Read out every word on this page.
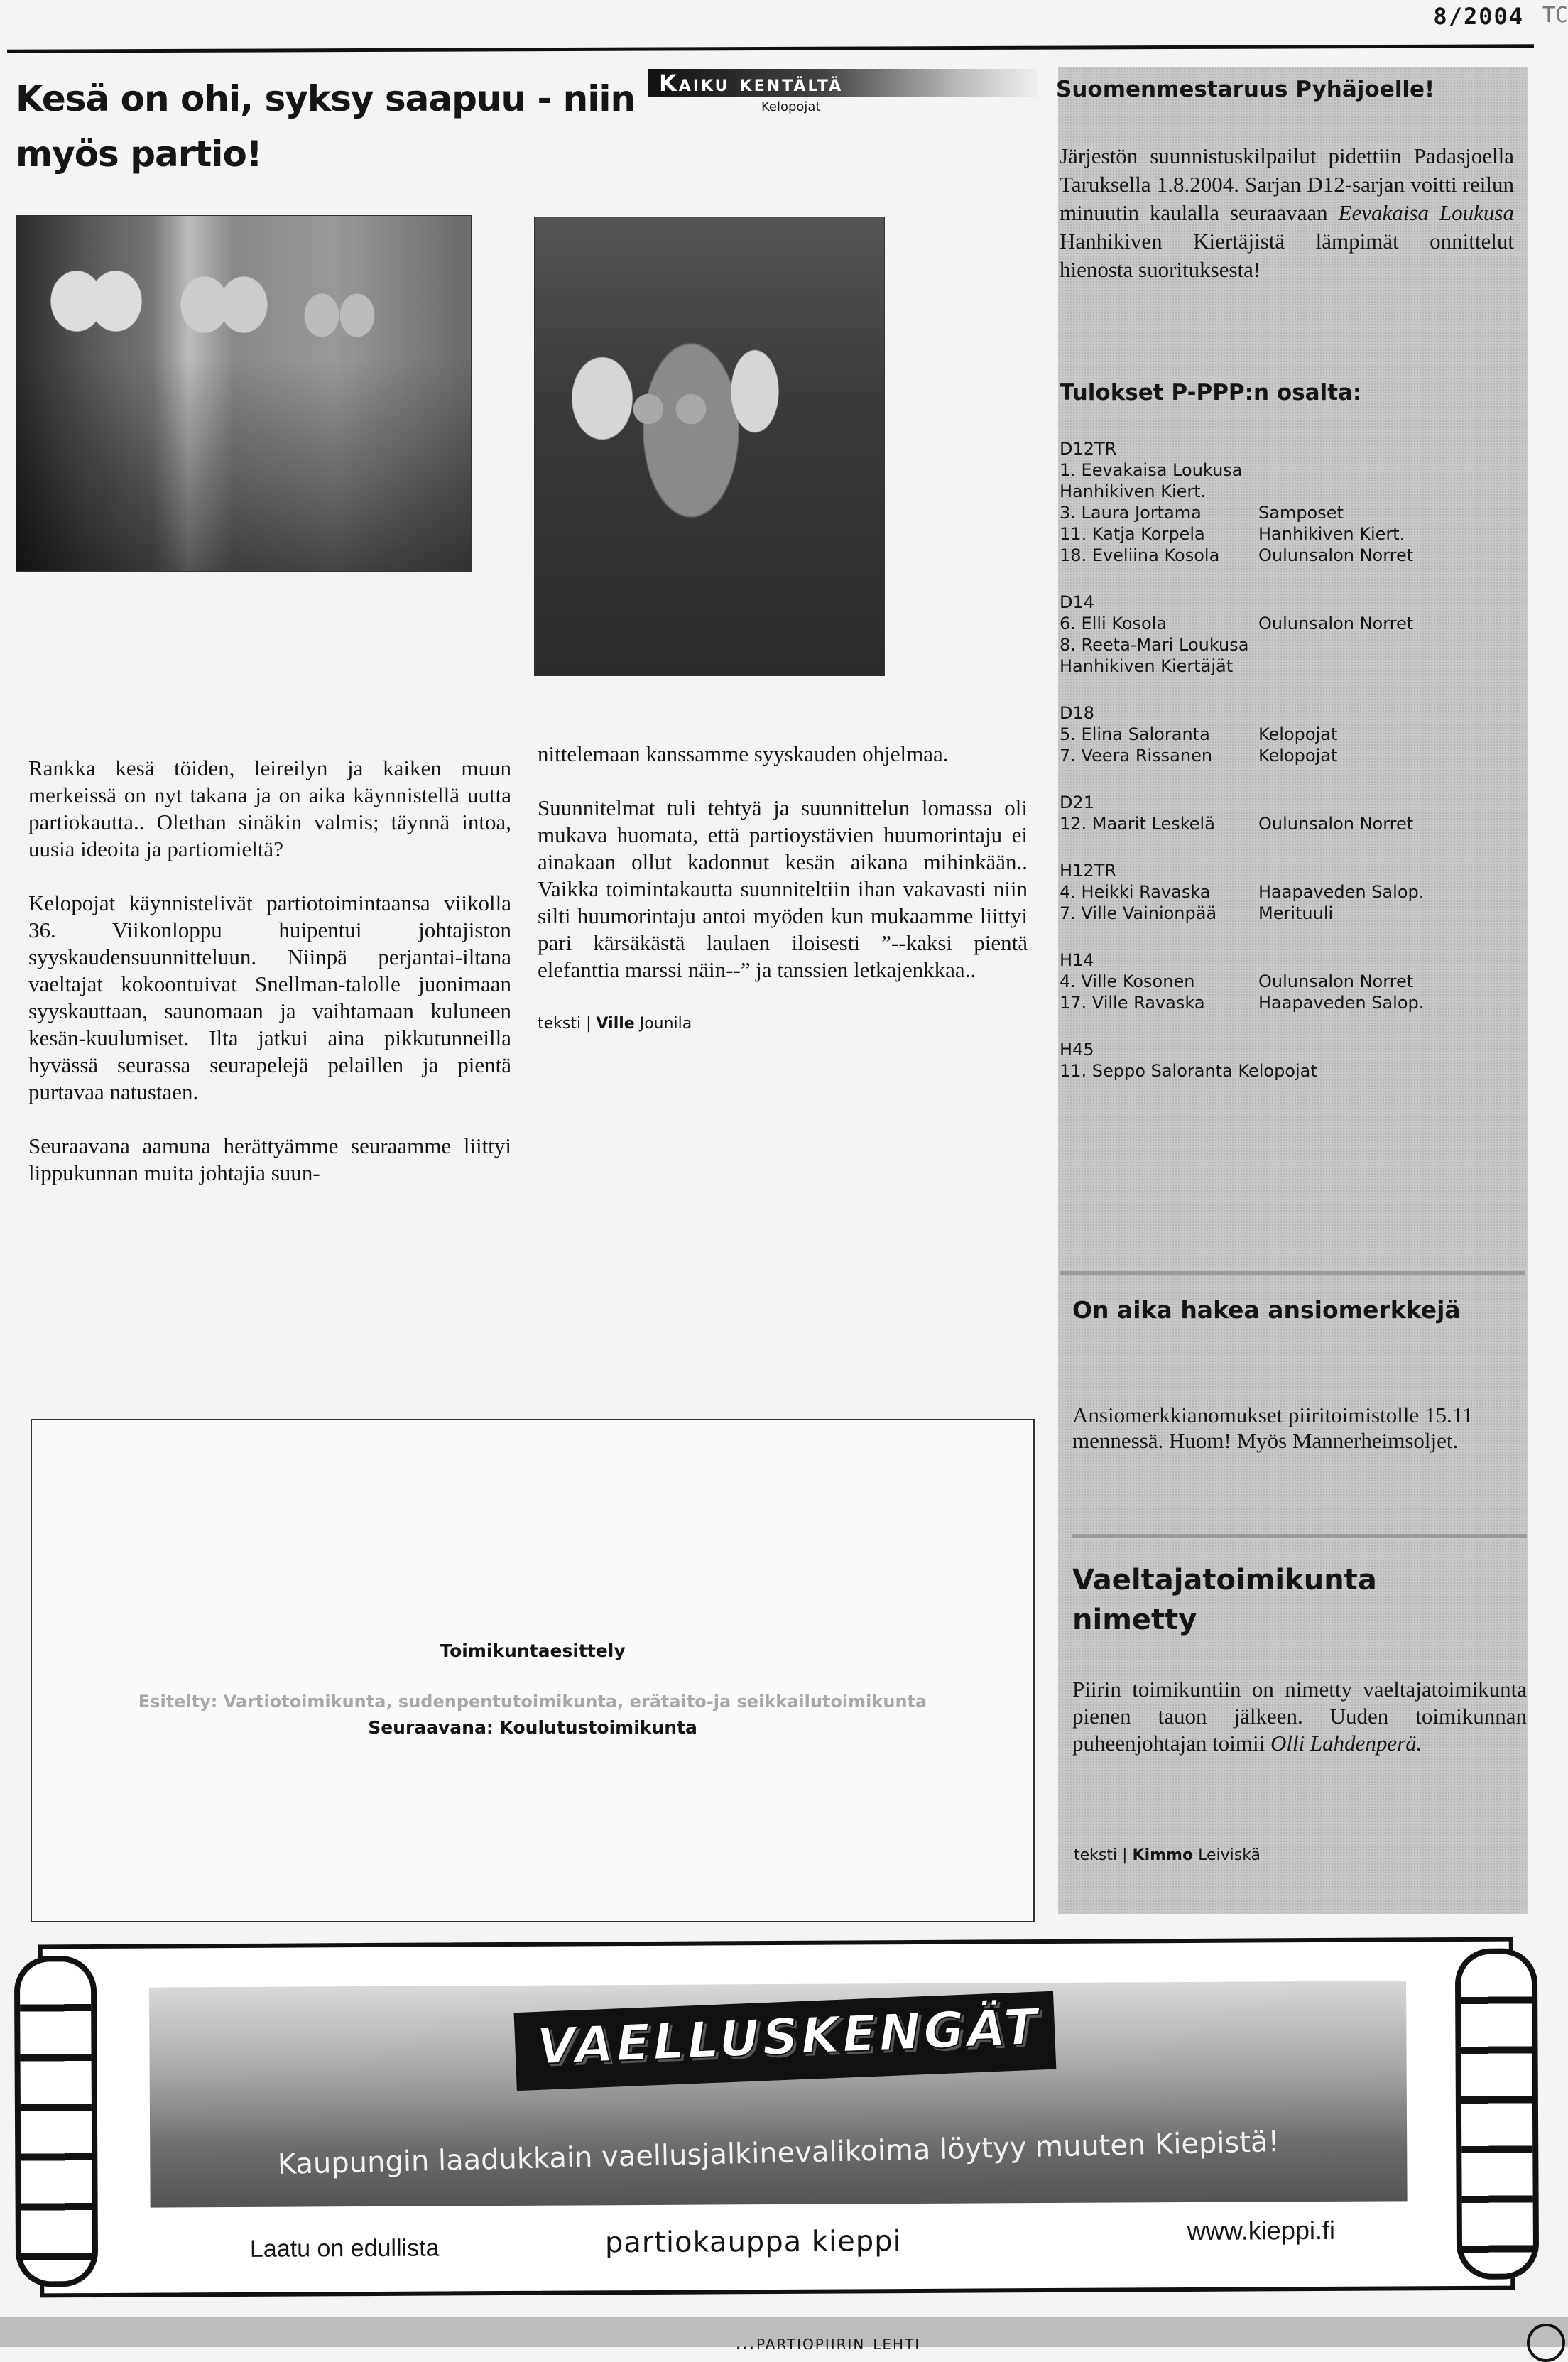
8/2004 TC
Kesä on ohi, syksy saapuu - niin myös partio!
Kaiku kentältä
Kelopojat

Rankka kesä töiden, leireilyn ja kaiken muun merkeissä on nyt takana ja on aika käynnistellä uutta partiokautta.. Olethan sinäkin valmis; täynnä intoa, uusia ideoita ja partiomieltä?

Kelopojat käynnistelivät partiotoimintaansa viikolla 36. Viikonloppu huipentui johtajiston syyskaudensuunnitteluun. Niinpä perjantai-iltana vaeltajat kokoontuivat Snellman-talolle juonimaan syyskauttaan, saunomaan ja vaihtamaan kuluneen kesän-kuulumiset. Ilta jatkui aina pikkutunneilla hyvässä seurassa seurapelejä pelaillen ja pientä purtavaa natustaen.

Seuraavana aamuna herättyämme seuraamme liittyi lippukunnan muita johtajia suun-

nittelemaan kanssamme syyskauden ohjelmaa.

Suunnitelmat tuli tehtyä ja suunnittelun lomassa oli mukava huomata, että partioystävien huumorintaju ei ainakaan ollut kadonnut kesän aikana mihinkään.. Vaikka toimintakautta suunniteltiin ihan vakavasti niin silti huumorintaju antoi myöden kun mukaamme liittyi pari kärsäkästä laulaen iloisesti ”--kaksi pientä elefanttia marssi näin--” ja tanssien letkajenkkaa..

teksti | Ville Jounila
Suomenmestaruus Pyhäjoelle!
Järjestön suunnistuskilpailut pidettiin Padasjoella Taruksella 1.8.2004. Sarjan D12-sarjan voitti reilun minuutin kaulalla seuraavaan Eevakaisa Loukusa Hanhikiven Kiertäjistä lämpimät onnittelut hienosta suorituksesta!
Tulokset P-PPP:n osalta:
D12TR
1. Eevakaisa Loukusa
Hanhikiven Kiert.
3. Laura Jortama	Samposet
11. Katja Korpela	Hanhikiven Kiert.
18. Eveliina Kosola	Oulunsalon Norret
D14
6. Elli Kosola	Oulunsalon Norret
8. Reeta-Mari Loukusa
Hanhikiven Kiertäjät
D18
5. Elina Saloranta	Kelopojat
7. Veera Rissanen	Kelopojat
D21
12. Maarit Leskelä	Oulunsalon Norret
H12TR
4. Heikki Ravaska	Haapaveden Salop.
7. Ville Vainionpää	Merituuli
H14
4. Ville Kosonen	Oulunsalon Norret
17. Ville Ravaska	Haapaveden Salop.
H45
11. Seppo Saloranta Kelopojat
On aika hakea ansiomerkkejä
Ansiomerkkianomukset piiritoimistolle 15.11 mennessä. Huom! Myös Mannerheimsoljet.
Vaeltajatoimikunta nimetty
Piirin toimikuntiin on nimetty vaeltajatoimikunta pienen tauon jälkeen. Uuden toimikunnan puheenjohtajan toimii Olli Lahdenperä.
teksti | Kimmo Leiviskä
Toimikuntaesittely
Esitelty: Vartiotoimikunta, sudenpentutoimikunta, erätaito-ja seikkailutoimikunta
Seuraavana: Koulutustoimikunta
VAELLUSKENGÄT
Kaupungin laadukkain vaellusjalkinevalikoima löytyy muuten Kiepistä!
Laatu on edullista	partiokauppa kieppi	www.kieppi.fi
…partiopiirin lehti
